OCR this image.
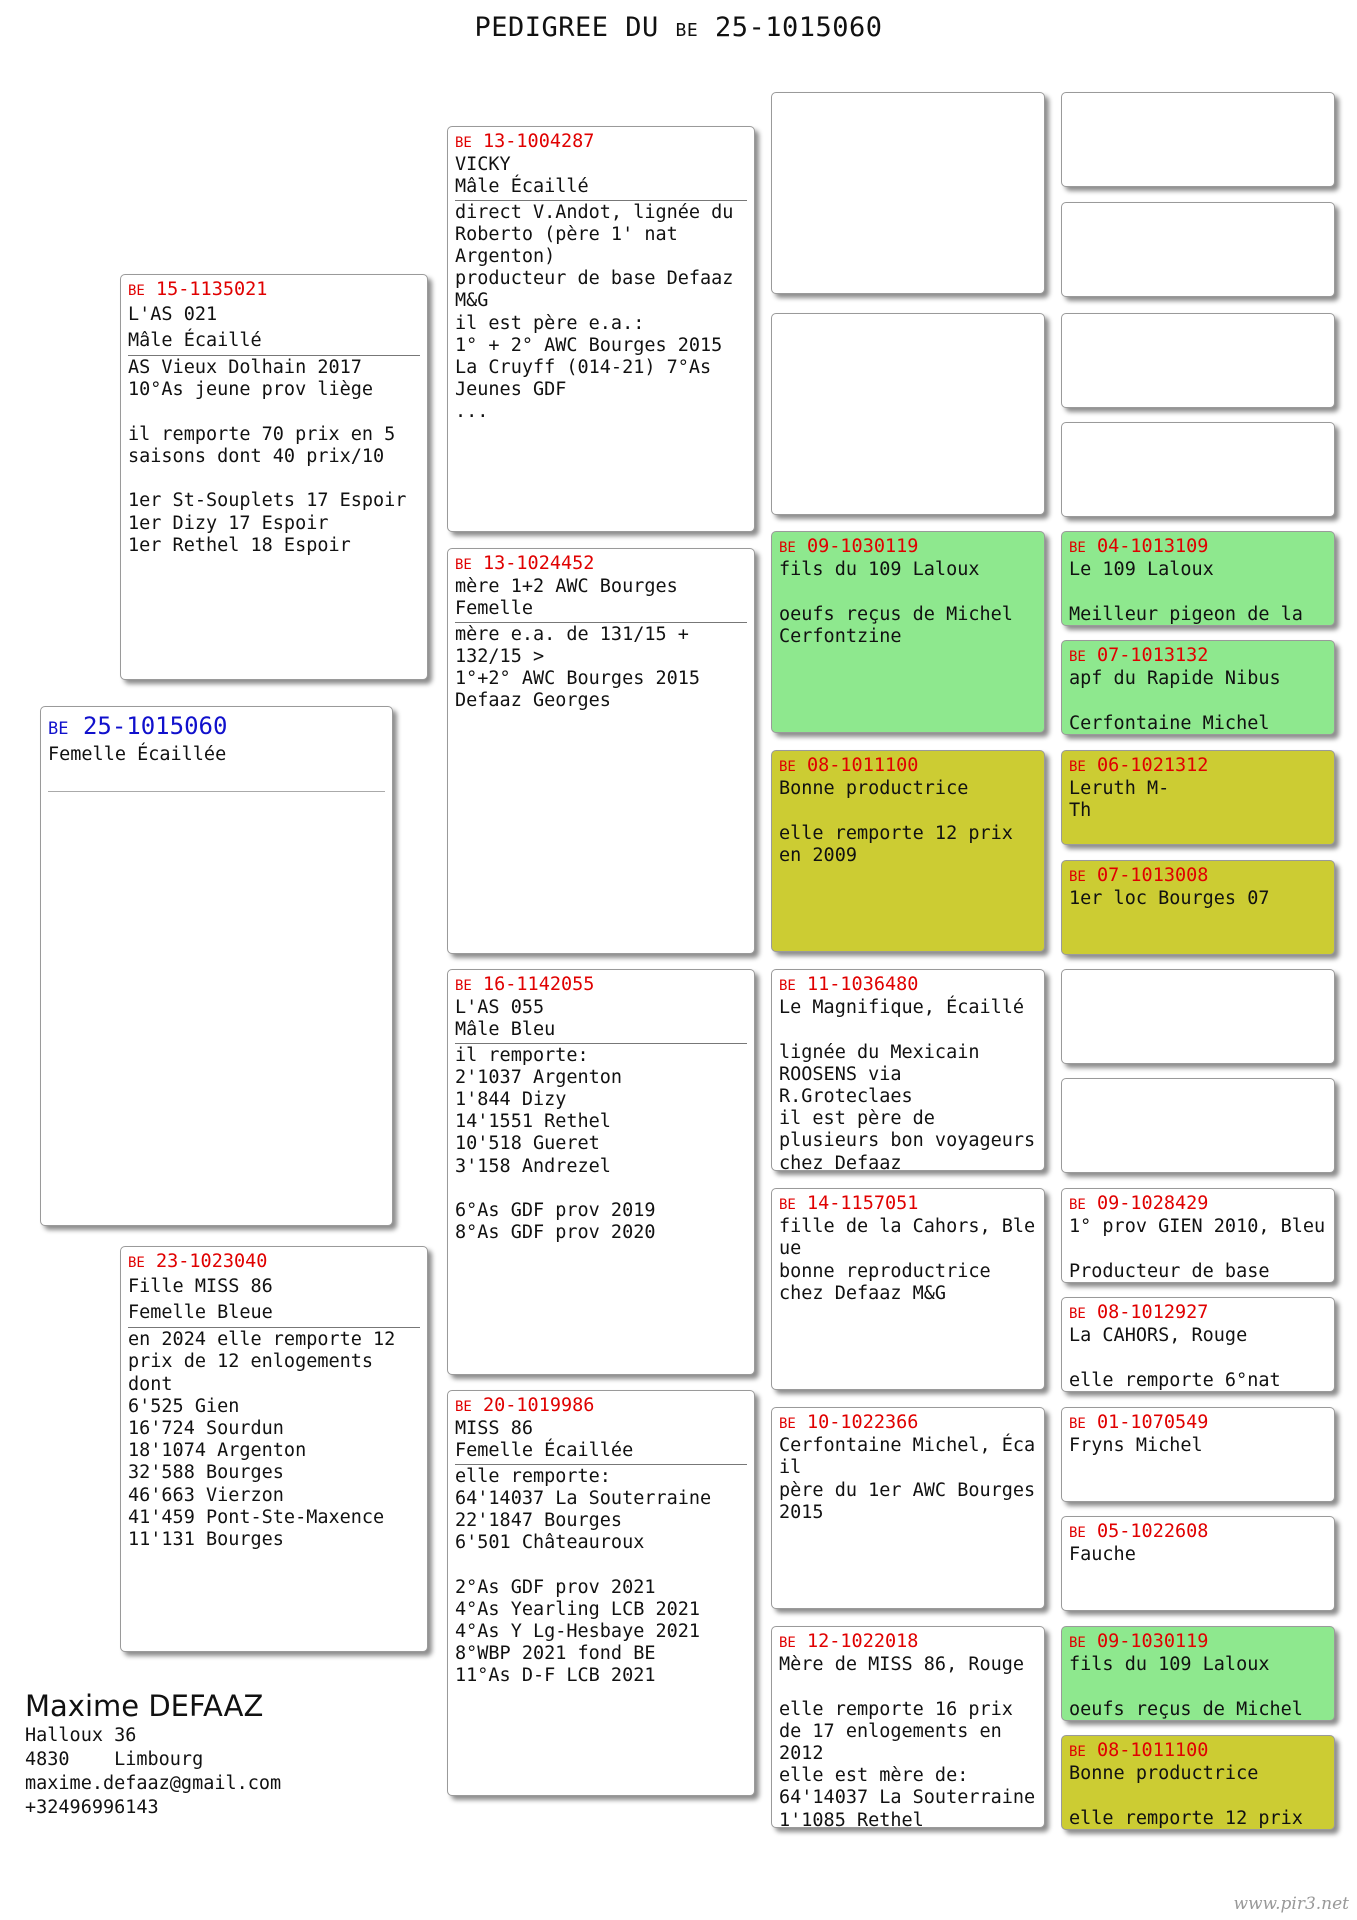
PEDIGREE DU BE 25-1015060
BE 25-1015060
Femelle Écaillée
BE 15-1135021
L'AS 021
Mâle Écaillé
AS Vieux Dolhain 2017
10°As jeune prov liège
il remporte 70 prix en 5
saisons dont 40 prix/10
1er St-Souplets 17 Espoir
1er Dizy 17 Espoir
1er Rethel 18 Espoir
BE 23-1023040
Fille MISS 86
Femelle Bleue
en 2024 elle remporte 12
prix de 12 enlogements
dont
6'525 Gien
16'724 Sourdun
18'1074 Argenton
32'588 Bourges
46'663 Vierzon
41'459 Pont-Ste-Maxence
11'131 Bourges
BE 13-1004287
VICKY
Mâle Écaillé
direct V.Andot, lignée du
Roberto (père 1' nat
Argenton)
producteur de base Defaaz
M&G
il est père e.a.:
1° + 2° AWC Bourges 2015
La Cruyff (014-21) 7°As
Jeunes GDF
...
BE 13-1024452
mère 1+2 AWC Bourges
Femelle
mère e.a. de 131/15 +
132/15 >
1°+2° AWC Bourges 2015
Defaaz Georges
BE 16-1142055
L'AS 055
Mâle Bleu
il remporte:
2'1037 Argenton
1'844 Dizy
14'1551 Rethel
10'518 Gueret
3'158 Andrezel
6°As GDF prov 2019
8°As GDF prov 2020
BE 20-1019986
MISS 86
Femelle Écaillée
elle remporte:
64'14037 La Souterraine
22'1847 Bourges
6'501 Châteauroux
2°As GDF prov 2021
4°As Yearling LCB 2021
4°As Y Lg-Hesbaye 2021
8°WBP 2021 fond BE
11°As D-F LCB 2021
BE 09-1030119
fils du 109 Laloux
oeufs reçus de Michel
Cerfontzine
BE 08-1011100
Bonne productrice
elle remporte 12 prix
en 2009
BE 11-1036480
Le Magnifique, Écaillé
lignée du Mexicain
ROOSENS via
R.Groteclaes
il est père de
plusieurs bon voyageurs
chez Defaaz
BE 14-1157051
fille de la Cahors, Ble
ue
bonne reproductrice
chez Defaaz M&G
BE 10-1022366
Cerfontaine Michel, Éca
il
père du 1er AWC Bourges
2015
BE 12-1022018
Mère de MISS 86, Rouge
elle remporte 16 prix
de 17 enlogements en
2012
elle est mère de:
64'14037 La Souterraine
1'1085 Rethel
BE 04-1013109
Le 109 Laloux
Meilleur pigeon de la
BE 07-1013132
apf du Rapide Nibus
Cerfontaine Michel
BE 06-1021312
Leruth M-
Th
BE 07-1013008
1er loc Bourges 07
BE 09-1028429
1° prov GIEN 2010, Bleu
Producteur de base
BE 08-1012927
La CAHORS, Rouge
elle remporte 6°nat
BE 01-1070549
Fryns Michel
BE 05-1022608
Fauche
BE 09-1030119
fils du 109 Laloux
oeufs reçus de Michel
BE 08-1011100
Bonne productrice
elle remporte 12 prix
Maxime DEFAAZ
Halloux 36
4830    Limbourg
maxime.defaaz@gmail.com
+32496996143
www.pir3.net
